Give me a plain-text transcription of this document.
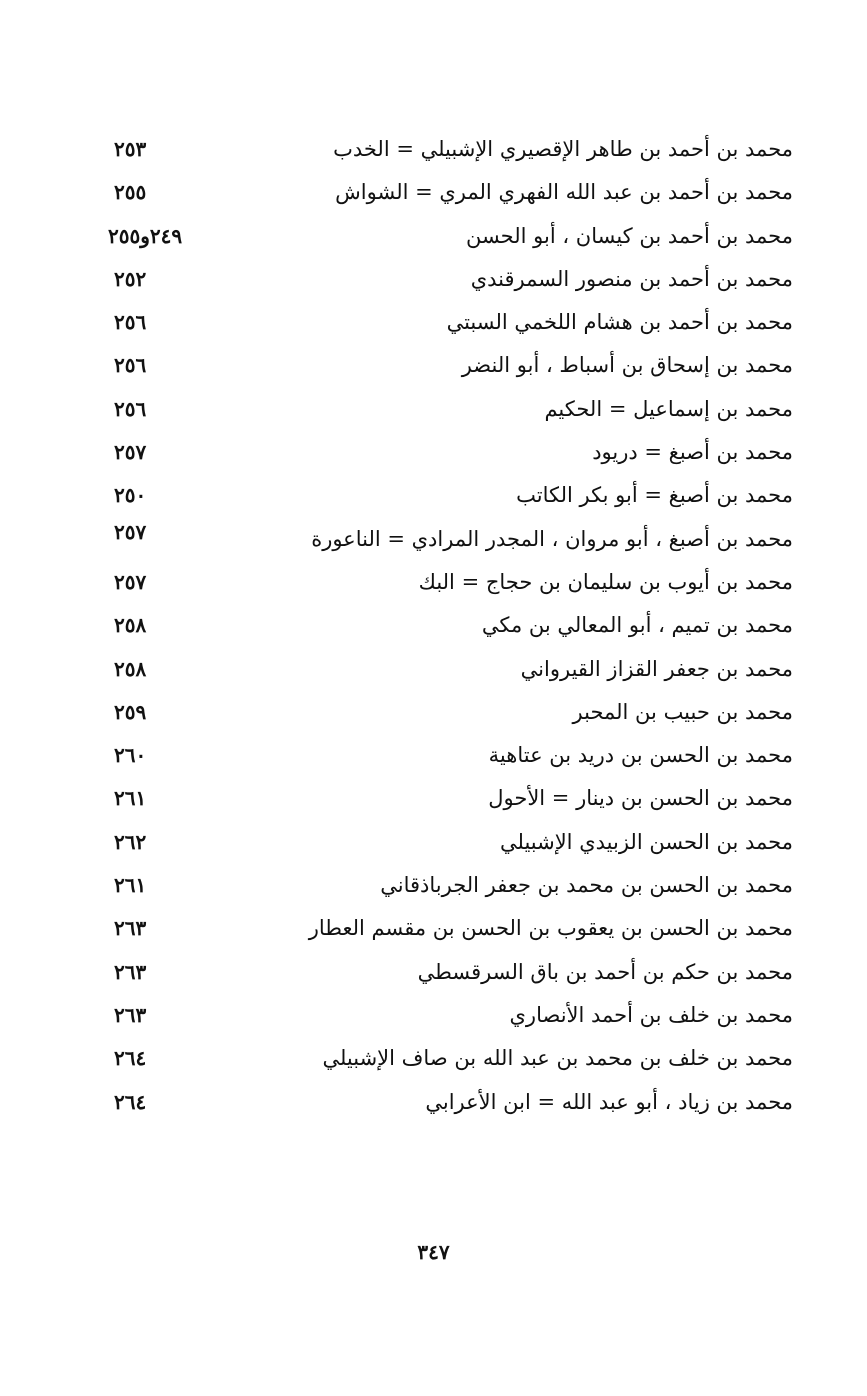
محمد بن أحمد بن طاهر الإقصيري الإشبيلي = الخدب
٢٥٣
محمد بن أحمد بن عبد الله الفهري المري = الشواش
٢٥٥
محمد بن أحمد بن كيسان ، أبو الحسن
٢٤٩و٢٥٥
محمد بن أحمد بن منصور السمرقندي
٢٥٢
محمد بن أحمد بن هشام اللخمي السبتي
٢٥٦
محمد بن إسحاق بن أسباط ، أبو النضر
٢٥٦
محمد بن إسماعيل = الحكيم
٢٥٦
محمد بن أصبغ = دريود
٢٥٧
محمد بن أصبغ = أبو بكر الكاتب
٢٥٠
محمد بن أصبغ ، أبو مروان ، المجدر المرادي = الناعورة
٢٥٧
محمد بن أيوب بن سليمان بن حجاج = البك
٢٥٧
محمد بن تميم ، أبو المعالي بن مكي
٢٥٨
محمد بن جعفر القزاز القيرواني
٢٥٨
محمد بن حبيب بن المحبر
٢٥٩
محمد بن الحسن بن دريد بن عتاهية
٢٦٠
محمد بن الحسن بن دينار = الأحول
٢٦١
محمد بن الحسن الزبيدي الإشبيلي
٢٦٢
محمد بن الحسن بن محمد بن جعفر الجرباذقاني
٢٦١
محمد بن الحسن بن يعقوب بن الحسن بن مقسم العطار
٢٦٣
محمد بن حكم بن أحمد بن باق السرقسطي
٢٦٣
محمد بن خلف بن أحمد الأنصاري
٢٦٣
محمد بن خلف بن محمد بن عبد الله بن صاف الإشبيلي
٢٦٤
محمد بن زياد ، أبو عبد الله = ابن الأعرابي
٢٦٤
٣٤٧
